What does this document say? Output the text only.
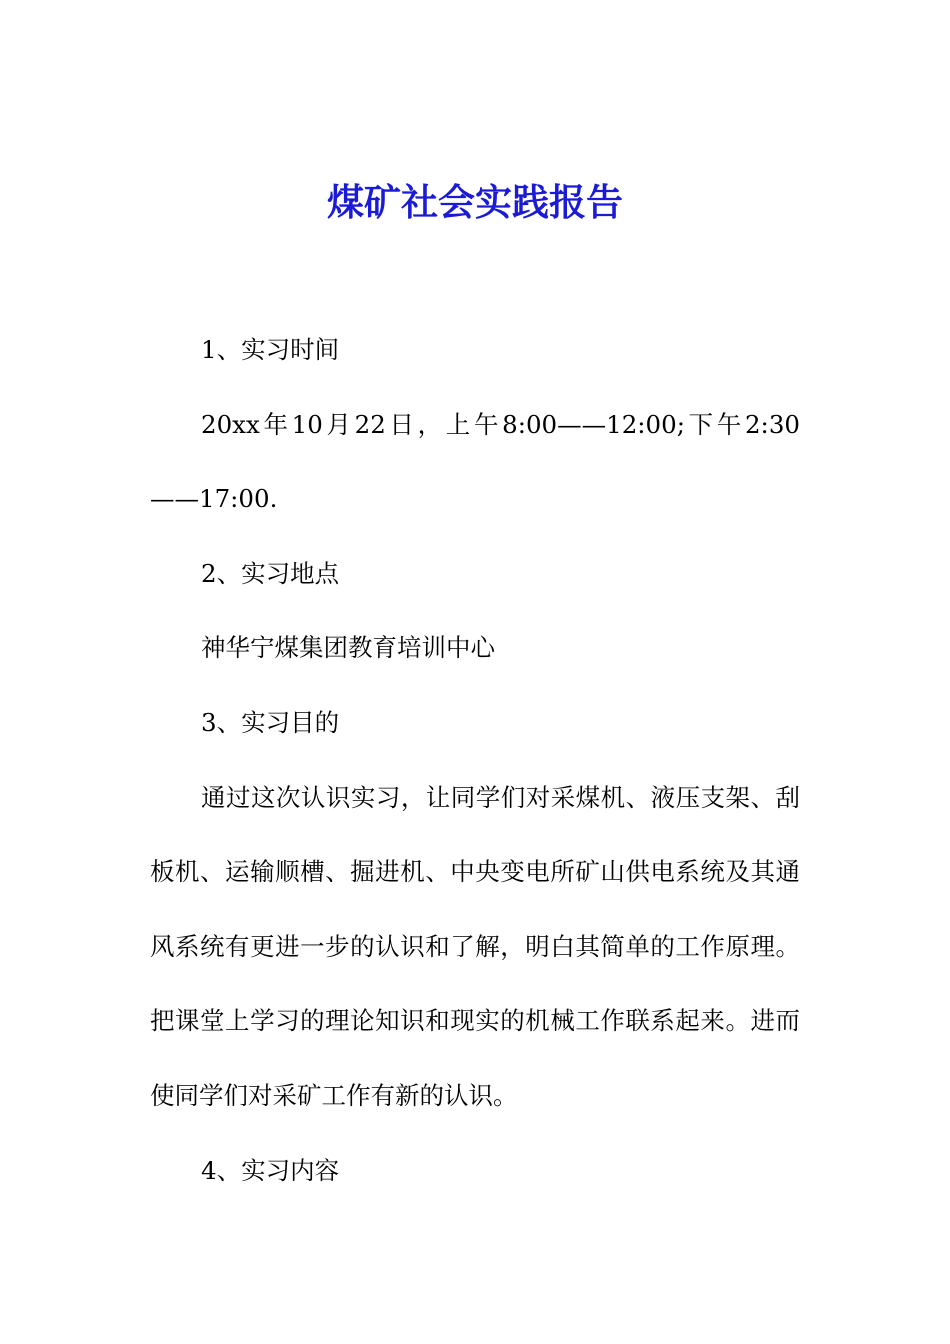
煤矿社会实践报告

1、实习时间

20xx年10月22日，上午8:00——12:00;下午2:30——17:00.

2、实习地点

神华宁煤集团教育培训中心

3、实习目的

通过这次认识实习，让同学们对采煤机、液压支架、刮板机、运输顺槽、掘进机、中央变电所矿山供电系统及其通风系统有更进一步的认识和了解，明白其简单的工作原理。把课堂上学习的理论知识和现实的机械工作联系起来。进而使同学们对采矿工作有新的认识。

4、实习内容
